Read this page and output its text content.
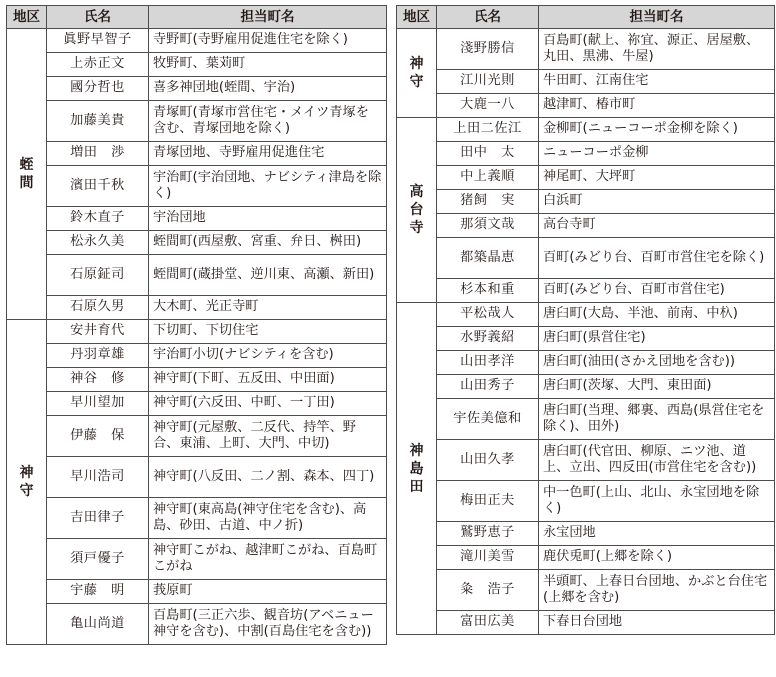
地区	氏名	担当町名
蛭間	眞野早智子	寺野町(寺野雇用促進住宅を除く)
	上赤正文	牧野町、葉苅町
	國分哲也	喜多神団地(蛭間、宇治)
	加藤美貴	青塚町(青塚市営住宅・メイツ青塚を含む、青塚団地を除く)
	増田　渉	青塚団地、寺野雇用促進住宅
	濱田千秋	宇治町(宇治団地、ナビシティ津島を除く)
	鈴木直子	宇治団地
	松永久美	蛭間町(西屋敷、宮重、弁日、桝田)
	石原鉦司	蛭間町(蔵掛堂、逆川東、高瀬、新田)
	石原久男	大木町、光正寺町
神守	安井育代	下切町、下切住宅
	丹羽章雄	宇治町小切(ナビシティを含む)
	神谷　修	神守町(下町、五反田、中田面)
	早川望加	神守町(六反田、中町、一丁田)
	伊藤　保	神守町(元屋敷、二反代、持竿、野合、東浦、上町、大門、中切)
	早川浩司	神守町(八反田、二ノ割、森本、四丁)
	吉田律子	神守町(東高島(神守住宅を含む)、高島、砂田、古道、中ノ折)
	須戸優子	神守町こがね、越津町こがね、百島町こがね
	宇藤　明	莪原町
	亀山尚道	百島町(三正六歩、観音坊(アベニュー神守を含む)、中割(百島住宅を含む))
地区	氏名	担当町名
神守	淺野勝信	百島町(献上、祢宜、源正、居屋敷、丸田、黒沸、牛屋)
	江川光則	牛田町、江南住宅
	大鹿一八	越津町、椿市町
高台寺	上田二佐江	金柳町(ニューコーポ金柳を除く)
	田中　太	ニューコーポ金柳
	中上義順	神尾町、大坪町
	猪飼　実	白浜町
	那須文哉	高台寺町
	都築晶恵	百町(みどり台、百町市営住宅を除く)
	杉本和重	百町(みどり台、百町市営住宅)
神島田	平松哉人	唐臼町(大島、半池、前南、中杁)
	水野義紹	唐臼町(県営住宅)
	山田孝洋	唐臼町(油田(さかえ団地を含む))
	山田秀子	唐臼町(茨塚、大門、東田面)
	宇佐美億和	唐臼町(当理、郷裏、西島(県営住宅を除く)、田外)
	山田久孝	唐臼町(代官田、柳原、ニツ池、道上、立出、四反田(市営住宅を含む))
	梅田正夫	中一色町(上山、北山、永宝団地を除く)
	鷲野恵子	永宝団地
	滝川美雪	鹿伏兎町(上郷を除く)
	粂　浩子	半頭町、上春日台団地、かぶと台住宅(上郷を含む)
	富田広美	下春日台団地
